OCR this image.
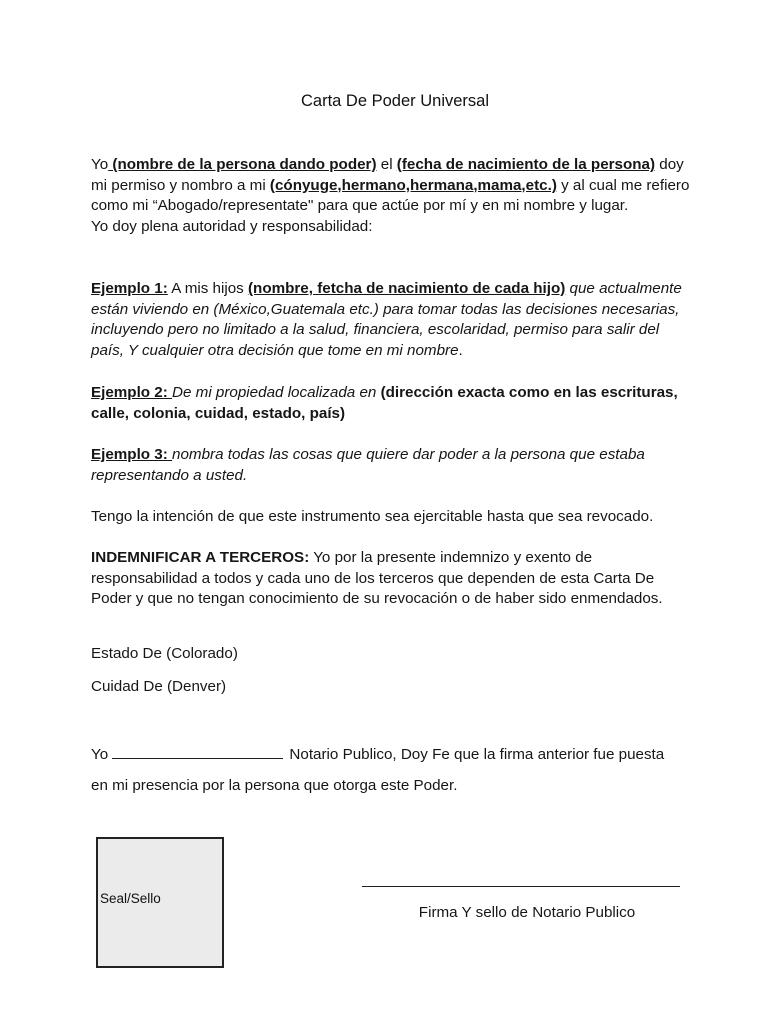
Carta De Poder Universal
Yo (nombre de la persona dando poder) el (fecha de nacimiento de la persona) doy mi permiso y nombro a mi (cónyuge,hermano,hermana,mama,etc.) y al cual me refiero como mi “Abogado/representate" para que actúe por mí y en mi nombre y lugar.
Yo doy plena autoridad y responsabilidad:
Ejemplo 1: A mis hijos (nombre, fetcha de nacimiento de cada hijo) que actualmente están viviendo en (México,Guatemala etc.) para tomar todas las decisiones necesarias, incluyendo pero no limitado a la salud, financiera, escolaridad, permiso para salir del país, Y cualquier otra decisión que tome en mi nombre.
Ejemplo 2: De mi propiedad localizada en (dirección exacta como en las escrituras, calle, colonia, cuidad, estado, país)
Ejemplo 3: nombra todas las cosas que quiere dar poder a la persona que estaba representando a usted.
Tengo la intención de que este instrumento sea ejercitable hasta que sea revocado.
INDEMNIFICAR A TERCEROS: Yo por la presente indemnizo y exento de responsabilidad a todos y cada uno de los terceros que dependen de esta Carta De Poder y que no tengan conocimiento de su revocación o de haber sido enmendados.
Estado De (Colorado)
Cuidad De (Denver)
Yo	Notario Publico, Doy Fe que la firma anterior fue puesta
en mi presencia por la persona que otorga este Poder.
Seal/Sello
Firma Y sello de Notario Publico
